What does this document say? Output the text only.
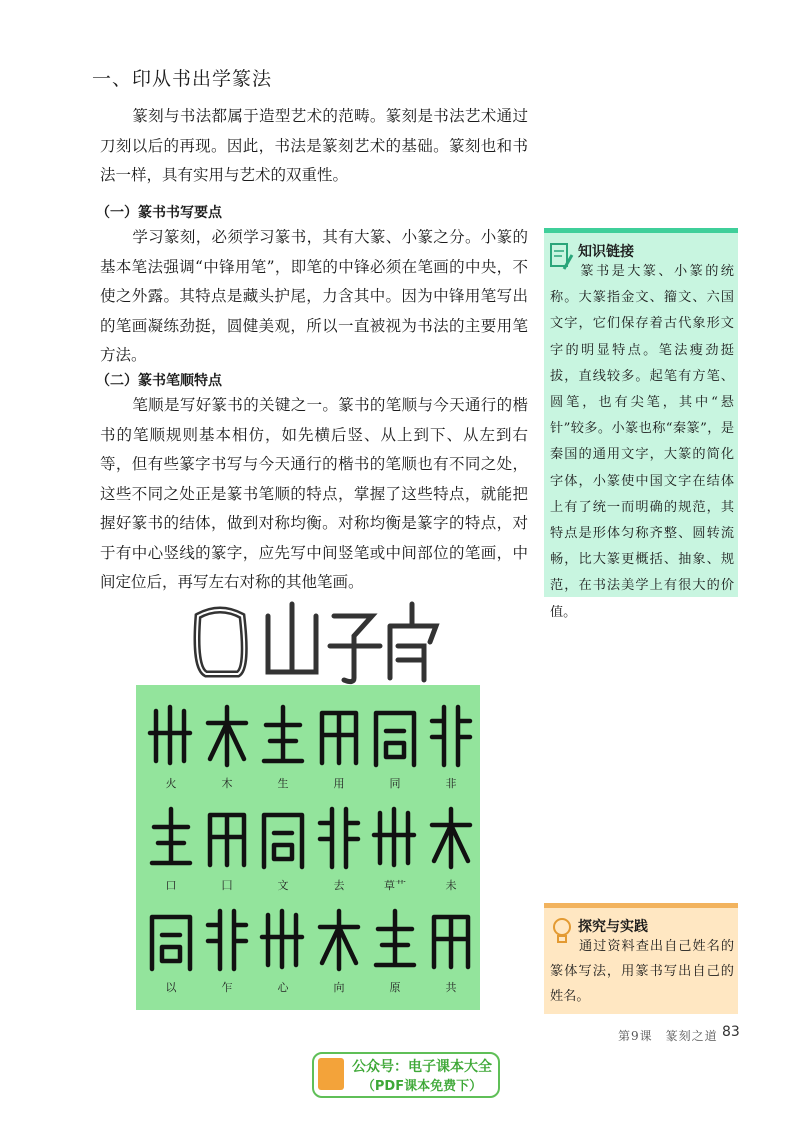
一、印从书出学篆法

篆刻与书法都属于造型艺术的范畴。篆刻是书法艺术通过刀刻以后的再现。因此，书法是篆刻艺术的基础。篆刻也和书法一样，具有实用与艺术的双重性。

（一）篆书书写要点

学习篆刻，必须学习篆书，其有大篆、小篆之分。小篆的基本笔法强调“中锋用笔”，即笔的中锋必须在笔画的中央，不使之外露。其特点是藏头护尾，力含其中。因为中锋用笔写出的笔画凝练劲挺，圆健美观，所以一直被视为书法的主要用笔方法。

（二）篆书笔顺特点

笔顺是写好篆书的关键之一。篆书的笔顺与今天通行的楷书的笔顺规则基本相仿，如先横后竖、从上到下、从左到右等，但有些篆字书写与今天通行的楷书的笔顺也有不同之处，这些不同之处正是篆书笔顺的特点，掌握了这些特点，就能把握好篆书的结体，做到对称均衡。对称均衡是篆字的特点，对于有中心竖线的篆字，应先写中间竖笔或中间部位的笔画，中间定位后，再写左右对称的其他笔画。

知识链接

篆书是大篆、小篆的统称。大篆指金文、籀文、六国文字，它们保存着古代象形文字的明显特点。笔法瘦劲挺拔，直线较多。起笔有方笔、圆笔，也有尖笔，其中“悬针”较多。小篆也称“秦篆”，是秦国的通用文字，大篆的简化字体，小篆使中国文字在结体上有了统一而明确的规范，其特点是形体匀称齐整、圆转流畅，比大篆更概括、抽象、规范，在书法美学上有很大的价值。

探究与实践

通过资料查出自己姓名的篆体写法，用篆书写出自己的姓名。

火	木	生	用	同	非
口	囗	文	去	草艹	未
以	乍	心	向	原	共
第9课　篆刻之道 83
公众号：电子课本大全
（PDF课本免费下）
